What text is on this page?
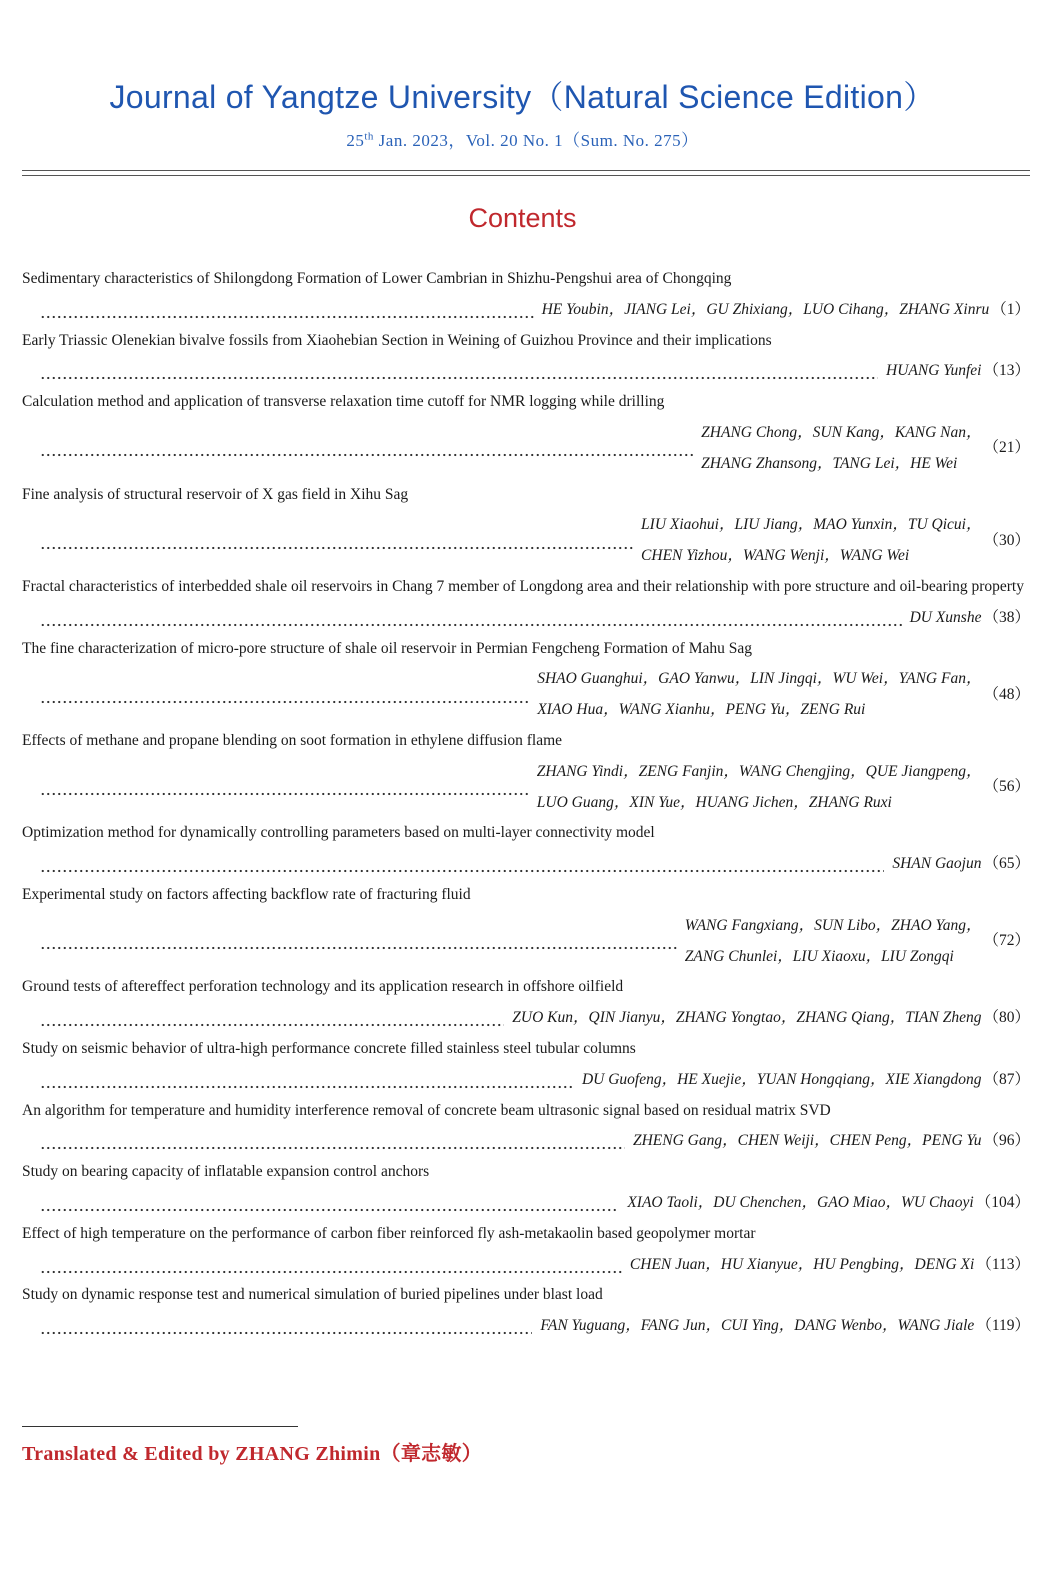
Journal of Yangtze University（Natural Science Edition）
25th Jan. 2023，Vol. 20 No. 1（Sum. No. 275）
Contents
Sedimentary characteristics of Shilongdong Formation of Lower Cambrian in Shizhu-Pengshui area of Chongqing
HE Youbin，JIANG Lei，GU Zhixiang，LUO Cihang，ZHANG Xinru （1）
Early Triassic Olenekian bivalve fossils from Xiaohebian Section in Weining of Guizhou Province and their implications
HUANG Yunfei （13）
Calculation method and application of transverse relaxation time cutoff for NMR logging while drilling
ZHANG Chong，SUN Kang，KANG Nan，
ZHANG Zhansong，TANG Lei，HE Wei
（21）
Fine analysis of structural reservoir of X gas field in Xihu Sag
LIU Xiaohui，LIU Jiang，MAO Yunxin，TU Qicui，
CHEN Yizhou，WANG Wenji，WANG Wei
（30）
Fractal characteristics of interbedded shale oil reservoirs in Chang 7 member of Longdong area and their relationship with pore structure and oil-bearing property
DU Xunshe （38）
The fine characterization of micro-pore structure of shale oil reservoir in Permian Fengcheng Formation of Mahu Sag
SHAO Guanghui，GAO Yanwu，LIN Jingqi，WU Wei，YANG Fan，
XIAO Hua，WANG Xianhu，PENG Yu，ZENG Rui
（48）
Effects of methane and propane blending on soot formation in ethylene diffusion flame
ZHANG Yindi，ZENG Fanjin，WANG Chengjing，QUE Jiangpeng，
LUO Guang，XIN Yue，HUANG Jichen，ZHANG Ruxi
（56）
Optimization method for dynamically controlling parameters based on multi-layer connectivity model
SHAN Gaojun （65）
Experimental study on factors affecting backflow rate of fracturing fluid
WANG Fangxiang，SUN Libo，ZHAO Yang，
ZANG Chunlei，LIU Xiaoxu，LIU Zongqi
（72）
Ground tests of aftereffect perforation technology and its application research in offshore oilfield
ZUO Kun，QIN Jianyu，ZHANG Yongtao，ZHANG Qiang，TIAN Zheng （80）
Study on seismic behavior of ultra-high performance concrete filled stainless steel tubular columns
DU Guofeng，HE Xuejie，YUAN Hongqiang，XIE Xiangdong （87）
An algorithm for temperature and humidity interference removal of concrete beam ultrasonic signal based on residual matrix SVD
ZHENG Gang，CHEN Weiji，CHEN Peng，PENG Yu （96）
Study on bearing capacity of inflatable expansion control anchors
XIAO Taoli，DU Chenchen，GAO Miao，WU Chaoyi （104）
Effect of high temperature on the performance of carbon fiber reinforced fly ash-metakaolin based geopolymer mortar
CHEN Juan，HU Xianyue，HU Pengbing，DENG Xi （113）
Study on dynamic response test and numerical simulation of buried pipelines under blast load
FAN Yuguang，FANG Jun，CUI Ying，DANG Wenbo，WANG Jiale （119）
Translated & Edited by ZHANG Zhimin（章志敏）
